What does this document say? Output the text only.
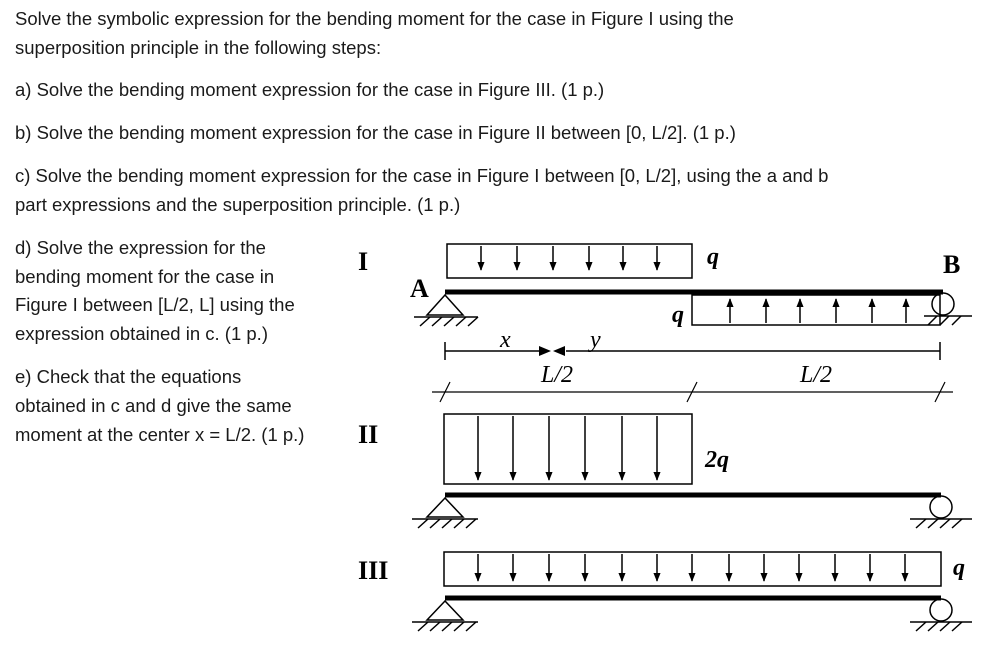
Solve the symbolic expression for the bending moment for the case in Figure I using the
superposition principle in the following steps:
a) Solve the bending moment expression for the case in Figure III. (1 p.)
b) Solve the bending moment expression for the case in Figure II between [0, L/2]. (1 p.)
c) Solve the bending moment expression for the case in Figure I between [0, L/2], using the a and b
part expressions and the superposition principle. (1 p.)
d) Solve the expression for the
bending moment for the case in
Figure I between [L/2, L] using the
expression obtained in c. (1 p.)
e) Check that the equations
obtained in c and d give the same
moment at the center x = L/2. (1 p.)
I	q
q
A
B
x	y
L/2	L/2
II
2q
III	q
